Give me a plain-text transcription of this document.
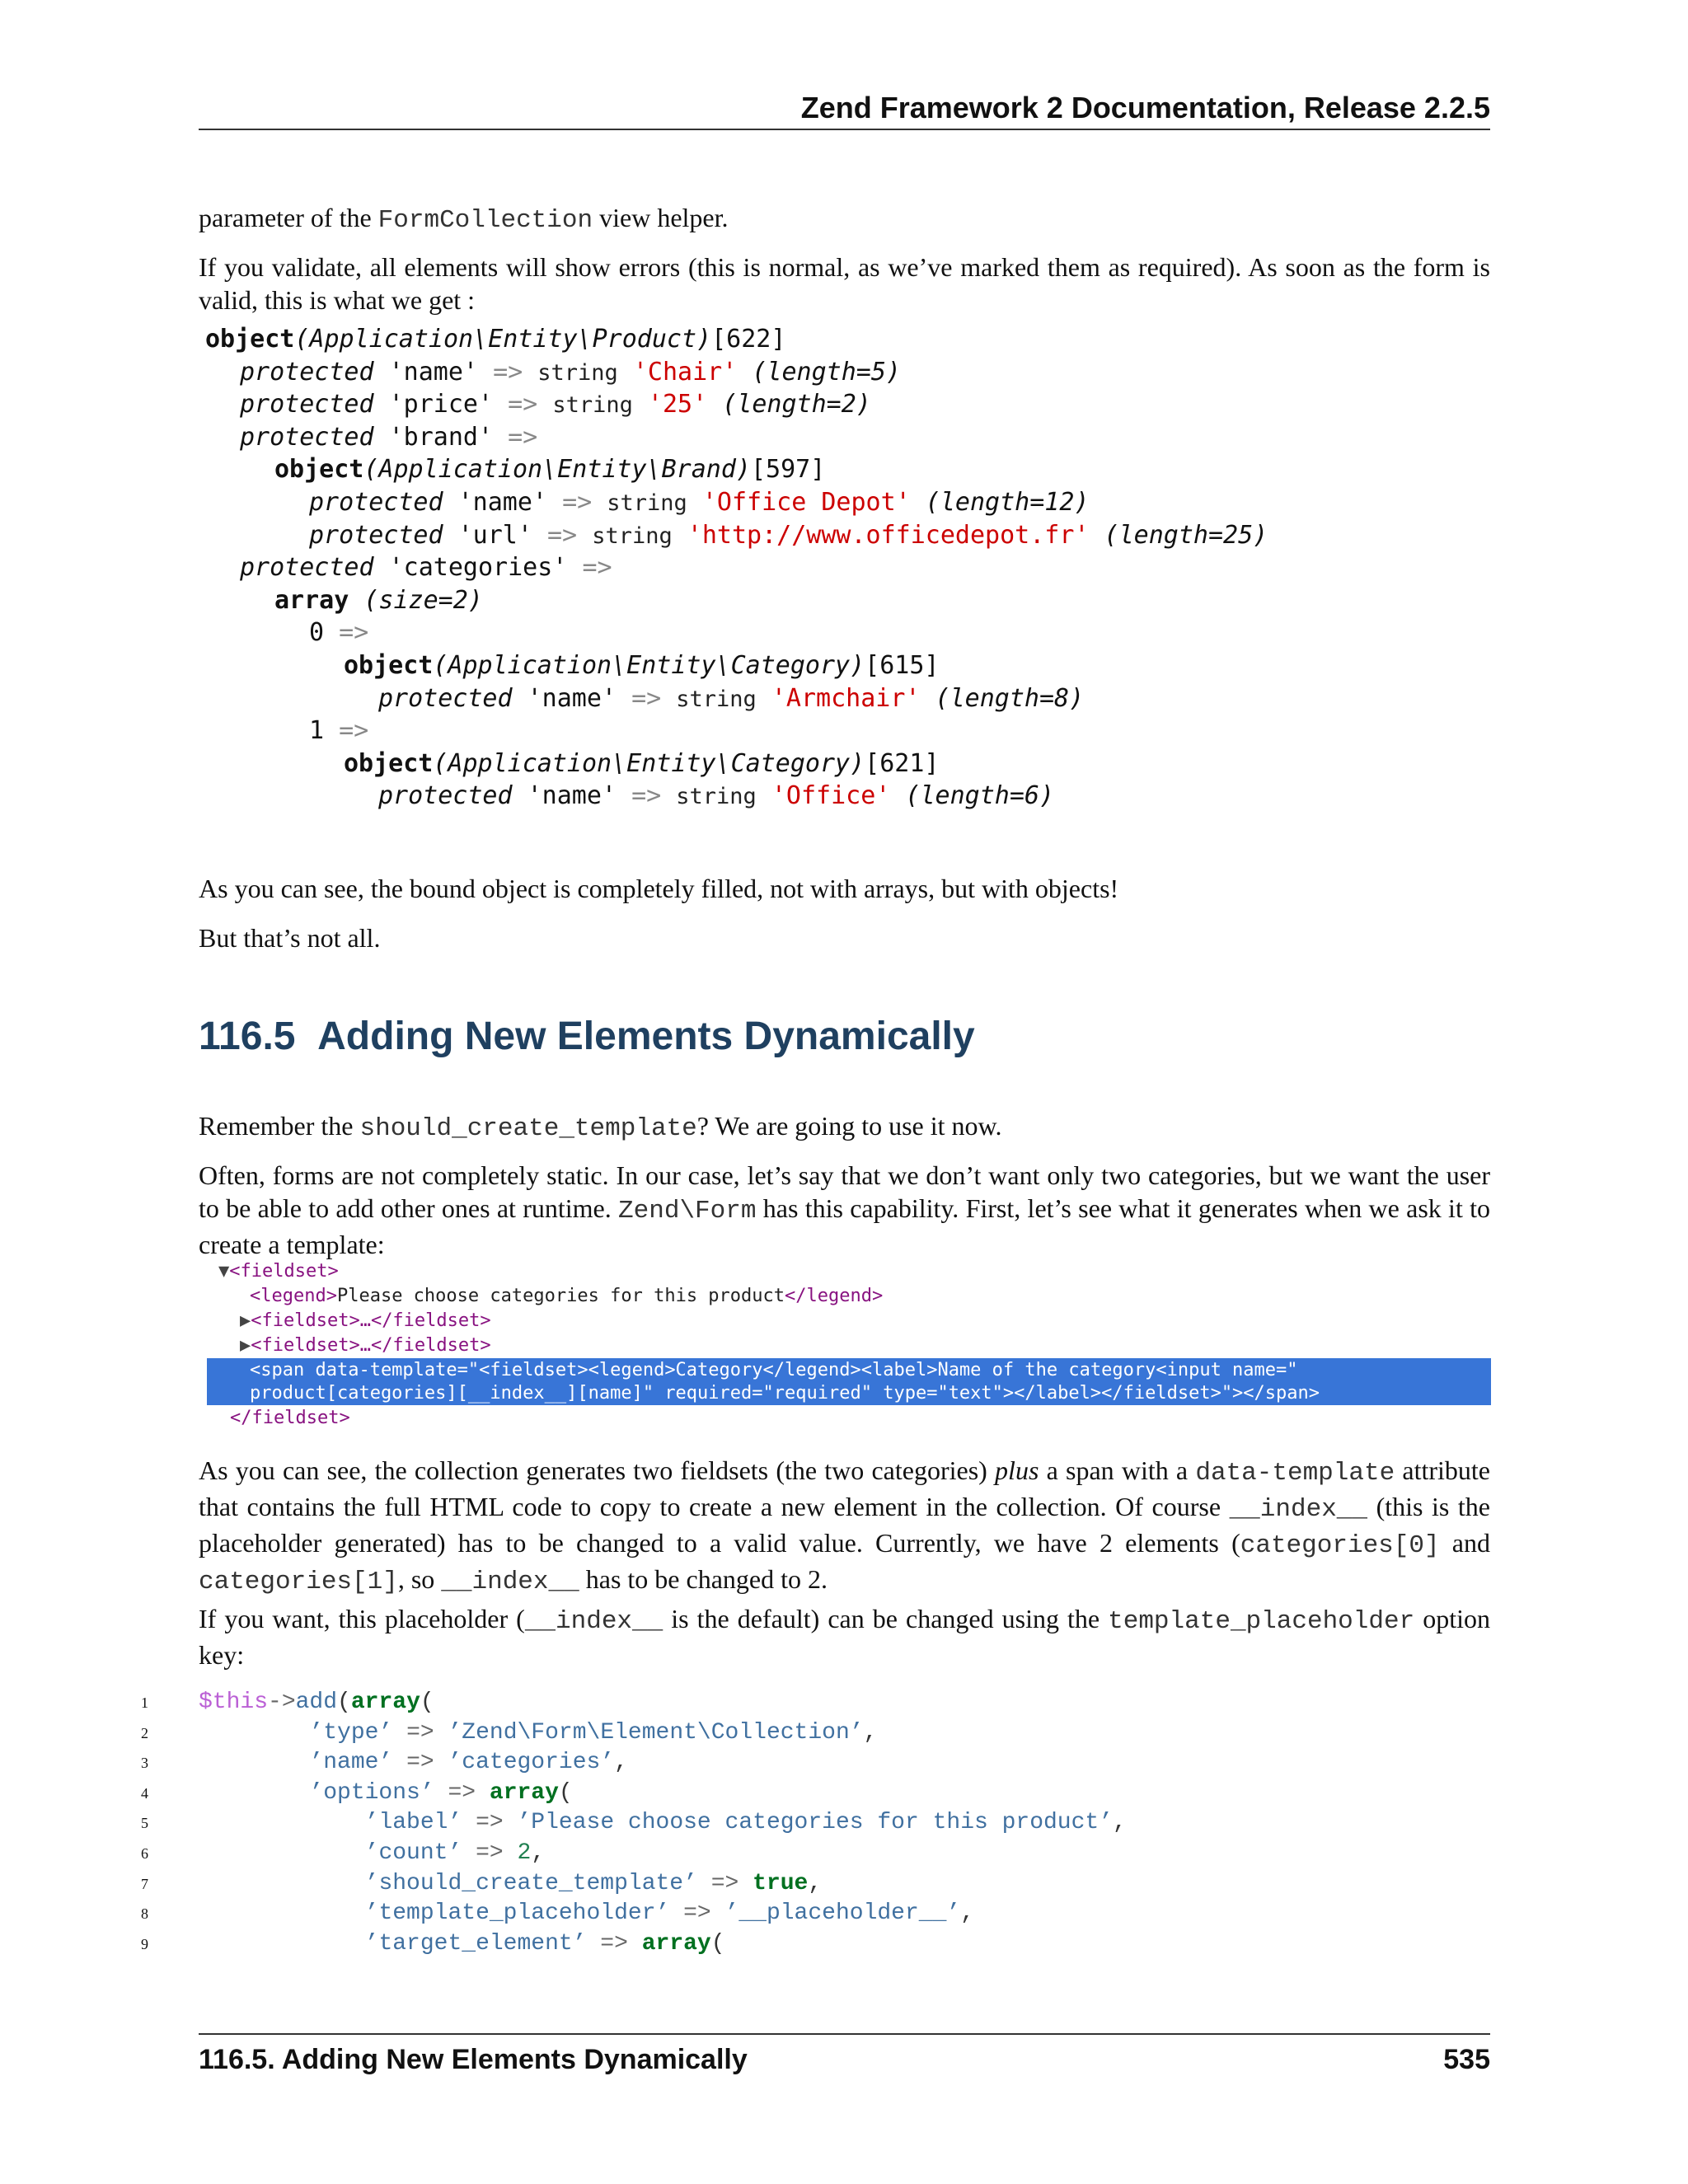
Zend Framework 2 Documentation, Release 2.2.5

parameter of the FormCollection view helper.

If you validate, all elements will show errors (this is normal, as we’ve marked them as required). As soon as the form is valid, this is what we get :

object(Application\Entity\Product)[622]
protected 'name' => string 'Chair' (length=5)
protected 'price' => string '25' (length=2)
protected 'brand' =>
object(Application\Entity\Brand)[597]
protected 'name' => string 'Office Depot' (length=12)
protected 'url' => string 'http://www.officedepot.fr' (length=25)
protected 'categories' =>
array (size=2)
0 =>
object(Application\Entity\Category)[615]
protected 'name' => string 'Armchair' (length=8)
1 =>
object(Application\Entity\Category)[621]
protected 'name' => string 'Office' (length=6)

As you can see, the bound object is completely filled, not with arrays, but with objects!

But that’s not all.

116.5 Adding New Elements Dynamically

Remember the should_create_template? We are going to use it now.

Often, forms are not completely static. In our case, let’s say that we don’t want only two categories, but we want the user to be able to add other ones at runtime. Zend\Form has this capability. First, let’s see what it generates when we ask it to create a template:

▼<fieldset>
<legend>Please choose categories for this product</legend>
▶<fieldset>…</fieldset>
▶<fieldset>…</fieldset>
<span data-template="<fieldset><legend>Category</legend><label>Name of the category<input name="
product[categories][__index__][name]" required="required" type="text"></label></fieldset>"></span>
</fieldset>

As you can see, the collection generates two fieldsets (the two categories) plus a span with a data-template attribute that contains the full HTML code to copy to create a new element in the collection. Of course __index__ (this is the placeholder generated) has to be changed to a valid value. Currently, we have 2 elements (categories[0] and categories[1], so __index__ has to be changed to 2.

If you want, this placeholder (__index__ is the default) can be changed using the template_placeholder option key:

1 $this->add(array(
2	’type’ => ’Zend\Form\Element\Collection’,
3	’name’ => ’categories’,
4	’options’ => array(
5	’label’ => ’Please choose categories for this product’,
6	’count’ => 2,
7	’should_create_template’ => true,
8	’template_placeholder’ => ’__placeholder__’,
9	’target_element’ => array(
116.5. Adding New Elements Dynamically	535
